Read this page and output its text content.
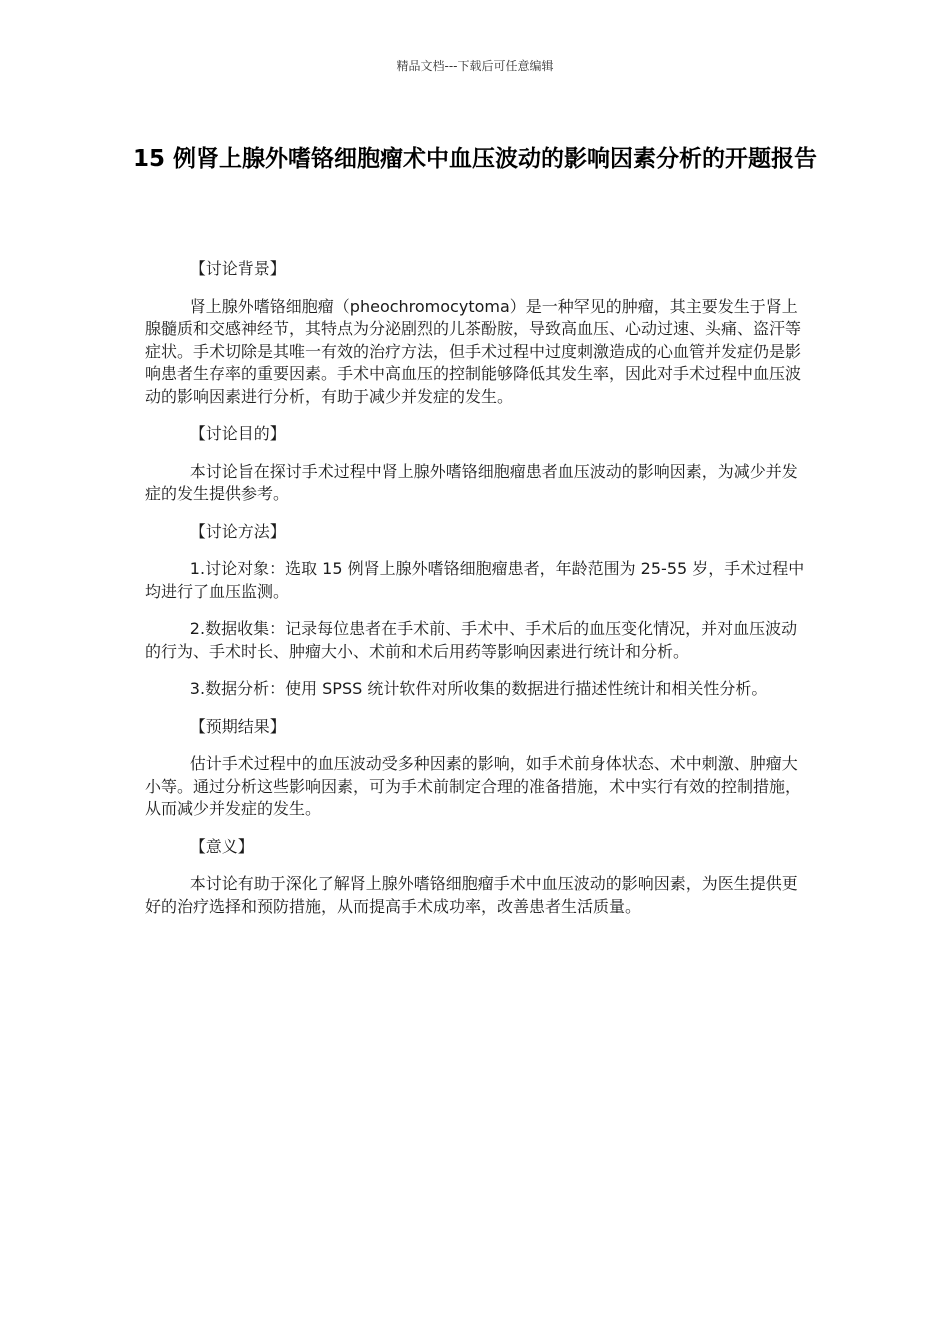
精品文档---下载后可任意编辑
15 例肾上腺外嗜铬细胞瘤术中血压波动的影响因素分析的开题报告

【讨论背景】

肾上腺外嗜铬细胞瘤（pheochromocytoma）是一种罕见的肿瘤，其主要发生于肾上腺髓质和交感神经节，其特点为分泌剧烈的儿茶酚胺，导致高血压、心动过速、头痛、盗汗等症状。手术切除是其唯一有效的治疗方法，但手术过程中过度刺激造成的心血管并发症仍是影响患者生存率的重要因素。手术中高血压的控制能够降低其发生率，因此对手术过程中血压波动的影响因素进行分析，有助于减少并发症的发生。

【讨论目的】

本讨论旨在探讨手术过程中肾上腺外嗜铬细胞瘤患者血压波动的影响因素，为减少并发症的发生提供参考。

【讨论方法】

1.讨论对象：选取 15 例肾上腺外嗜铬细胞瘤患者，年龄范围为 25-55 岁，手术过程中均进行了血压监测。

2.数据收集：记录每位患者在手术前、手术中、手术后的血压变化情况，并对血压波动的行为、手术时长、肿瘤大小、术前和术后用药等影响因素进行统计和分析。

3.数据分析：使用 SPSS 统计软件对所收集的数据进行描述性统计和相关性分析。

【预期结果】

估计手术过程中的血压波动受多种因素的影响，如手术前身体状态、术中刺激、肿瘤大小等。通过分析这些影响因素，可为手术前制定合理的准备措施，术中实行有效的控制措施，从而减少并发症的发生。

【意义】

本讨论有助于深化了解肾上腺外嗜铬细胞瘤手术中血压波动的影响因素，为医生提供更好的治疗选择和预防措施，从而提高手术成功率，改善患者生活质量。
